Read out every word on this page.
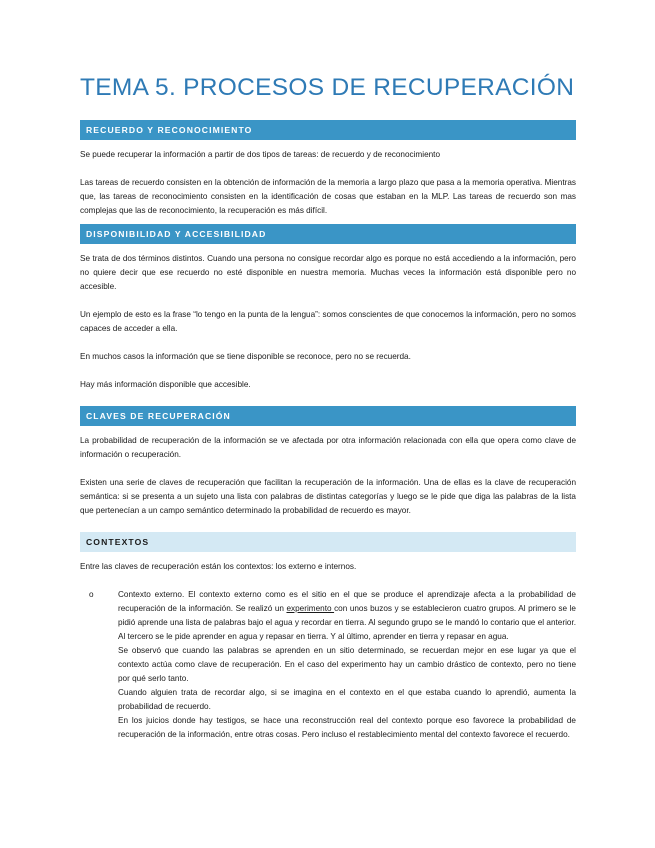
TEMA 5. PROCESOS DE RECUPERACIÓN
RECUERDO Y RECONOCIMIENTO

Se puede recuperar la información a partir de dos tipos de tareas: de recuerdo y de reconocimiento

Las tareas de recuerdo consisten en la obtención de información de la memoria a largo plazo que pasa a la memoria operativa. Mientras que, las tareas de reconocimiento consisten en la identificación de cosas que estaban en la MLP. Las tareas de recuerdo son mas complejas que las de reconocimiento, la recuperación es más difícil.

DISPONIBILIDAD Y ACCESIBILIDAD

Se trata de dos términos distintos. Cuando una persona no consigue recordar algo es porque no está accediendo a la información, pero no quiere decir que ese recuerdo no esté disponible en nuestra memoria. Muchas veces la información está disponible pero no accesible.

Un ejemplo de esto es la frase “lo tengo en la punta de la lengua”: somos conscientes de que conocemos la información, pero no somos capaces de acceder a ella.

En muchos casos la información que se tiene disponible se reconoce, pero no se recuerda.

Hay más información disponible que accesible.

CLAVES DE RECUPERACIÓN

La probabilidad de recuperación de la información se ve afectada por otra información relacionada con ella que opera como clave de información o recuperación.

Existen una serie de claves de recuperación que facilitan la recuperación de la información. Una de ellas es la clave de recuperación semántica: si se presenta a un sujeto una lista con palabras de distintas categorías y luego se le pide que diga las palabras de la lista que pertenecían a un campo semántico determinado la probabilidad de recuerdo es mayor.

CONTEXTOS

Entre las claves de recuperación están los contextos: los externo e internos.

o	Contexto externo. El contexto externo como es el sitio en el que se produce el aprendizaje afecta a la probabilidad de recuperación de la información. Se realizó un experimento con unos buzos y se establecieron cuatro grupos. Al primero se le pidió aprende una lista de palabras bajo el agua y recordar en tierra. Al segundo grupo se le mandó lo contario que el anterior. Al tercero se le pide aprender en agua y repasar en tierra. Y al último, aprender en tierra y repasar en agua.

Se observó que cuando las palabras se aprenden en un sitio determinado, se recuerdan mejor en ese lugar ya que el contexto actúa como clave de recuperación. En el caso del experimento hay un cambio drástico de contexto, pero no tiene por qué serlo tanto.

Cuando alguien trata de recordar algo, si se imagina en el contexto en el que estaba cuando lo aprendió, aumenta la probabilidad de recuerdo.

En los juicios donde hay testigos, se hace una reconstrucción real del contexto porque eso favorece la probabilidad de recuperación de la información, entre otras cosas. Pero incluso el restablecimiento mental del contexto favorece el recuerdo.
